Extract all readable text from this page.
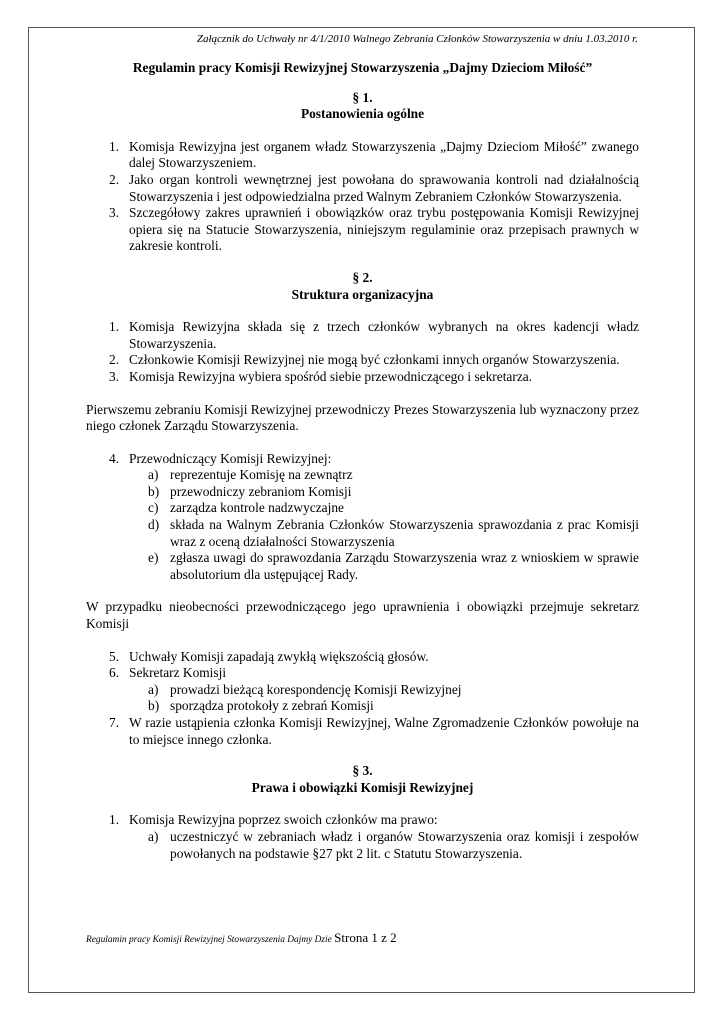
Załącznik do Uchwały nr 4/1/2010 Walnego Zebrania Członków Stowarzyszenia w dniu 1.03.2010 r.
Regulamin pracy Komisji Rewizyjnej Stowarzyszenia „Dajmy Dzieciom Miłość”
§ 1.
Postanowienia ogólne
1. Komisja Rewizyjna jest organem władz Stowarzyszenia „Dajmy Dzieciom Miłość” zwanego dalej Stowarzyszeniem.
2. Jako organ kontroli wewnętrznej jest powołana do sprawowania kontroli nad działalnością Stowarzyszenia i jest odpowiedzialna przed Walnym Zebraniem Członków Stowarzyszenia.
3. Szczegółowy zakres uprawnień i obowiązków oraz trybu postępowania Komisji Rewizyjnej opiera się na Statucie Stowarzyszenia, niniejszym regulaminie oraz przepisach prawnych w zakresie kontroli.
§ 2.
Struktura organizacyjna
1. Komisja Rewizyjna składa się z trzech członków wybranych na okres kadencji władz Stowarzyszenia.
2. Członkowie Komisji Rewizyjnej nie mogą być członkami innych organów Stowarzyszenia.
3. Komisja Rewizyjna wybiera spośród siebie przewodniczącego i sekretarza.
Pierwszemu zebraniu Komisji Rewizyjnej przewodniczy Prezes Stowarzyszenia lub wyznaczony przez niego członek Zarządu Stowarzyszenia.
4. Przewodniczący Komisji Rewizyjnej:
a) reprezentuje Komisję na zewnątrz
b) przewodniczy zebraniom Komisji
c) zarządza kontrole nadzwyczajne
d) składa na Walnym Zebrania Członków Stowarzyszenia sprawozdania z prac Komisji wraz z oceną działalności Stowarzyszenia
e) zgłasza uwagi do sprawozdania Zarządu Stowarzyszenia wraz z wnioskiem w sprawie absolutorium dla ustępującej Rady.
W przypadku nieobecności przewodniczącego jego uprawnienia i obowiązki przejmuje sekretarz Komisji
5. Uchwały Komisji zapadają zwykłą większością głosów.
6. Sekretarz Komisji
a) prowadzi bieżącą korespondencję Komisji Rewizyjnej
b) sporządza protokoły z zebrań Komisji
7. W razie ustąpienia członka Komisji Rewizyjnej, Walne Zgromadzenie Członków powołuje na to miejsce innego członka.
§ 3.
Prawa i obowiązki Komisji Rewizyjnej
1. Komisja Rewizyjna poprzez swoich członków ma prawo:
a) uczestniczyć w zebraniach władz i organów Stowarzyszenia oraz komisji i zespołów powołanych na podstawie §27 pkt 2 lit. c Statutu Stowarzyszenia.
Regulamin pracy Komisji Rewizyjnej Stowarzyszenia Dajmy Dzie Strona 1 z 2
